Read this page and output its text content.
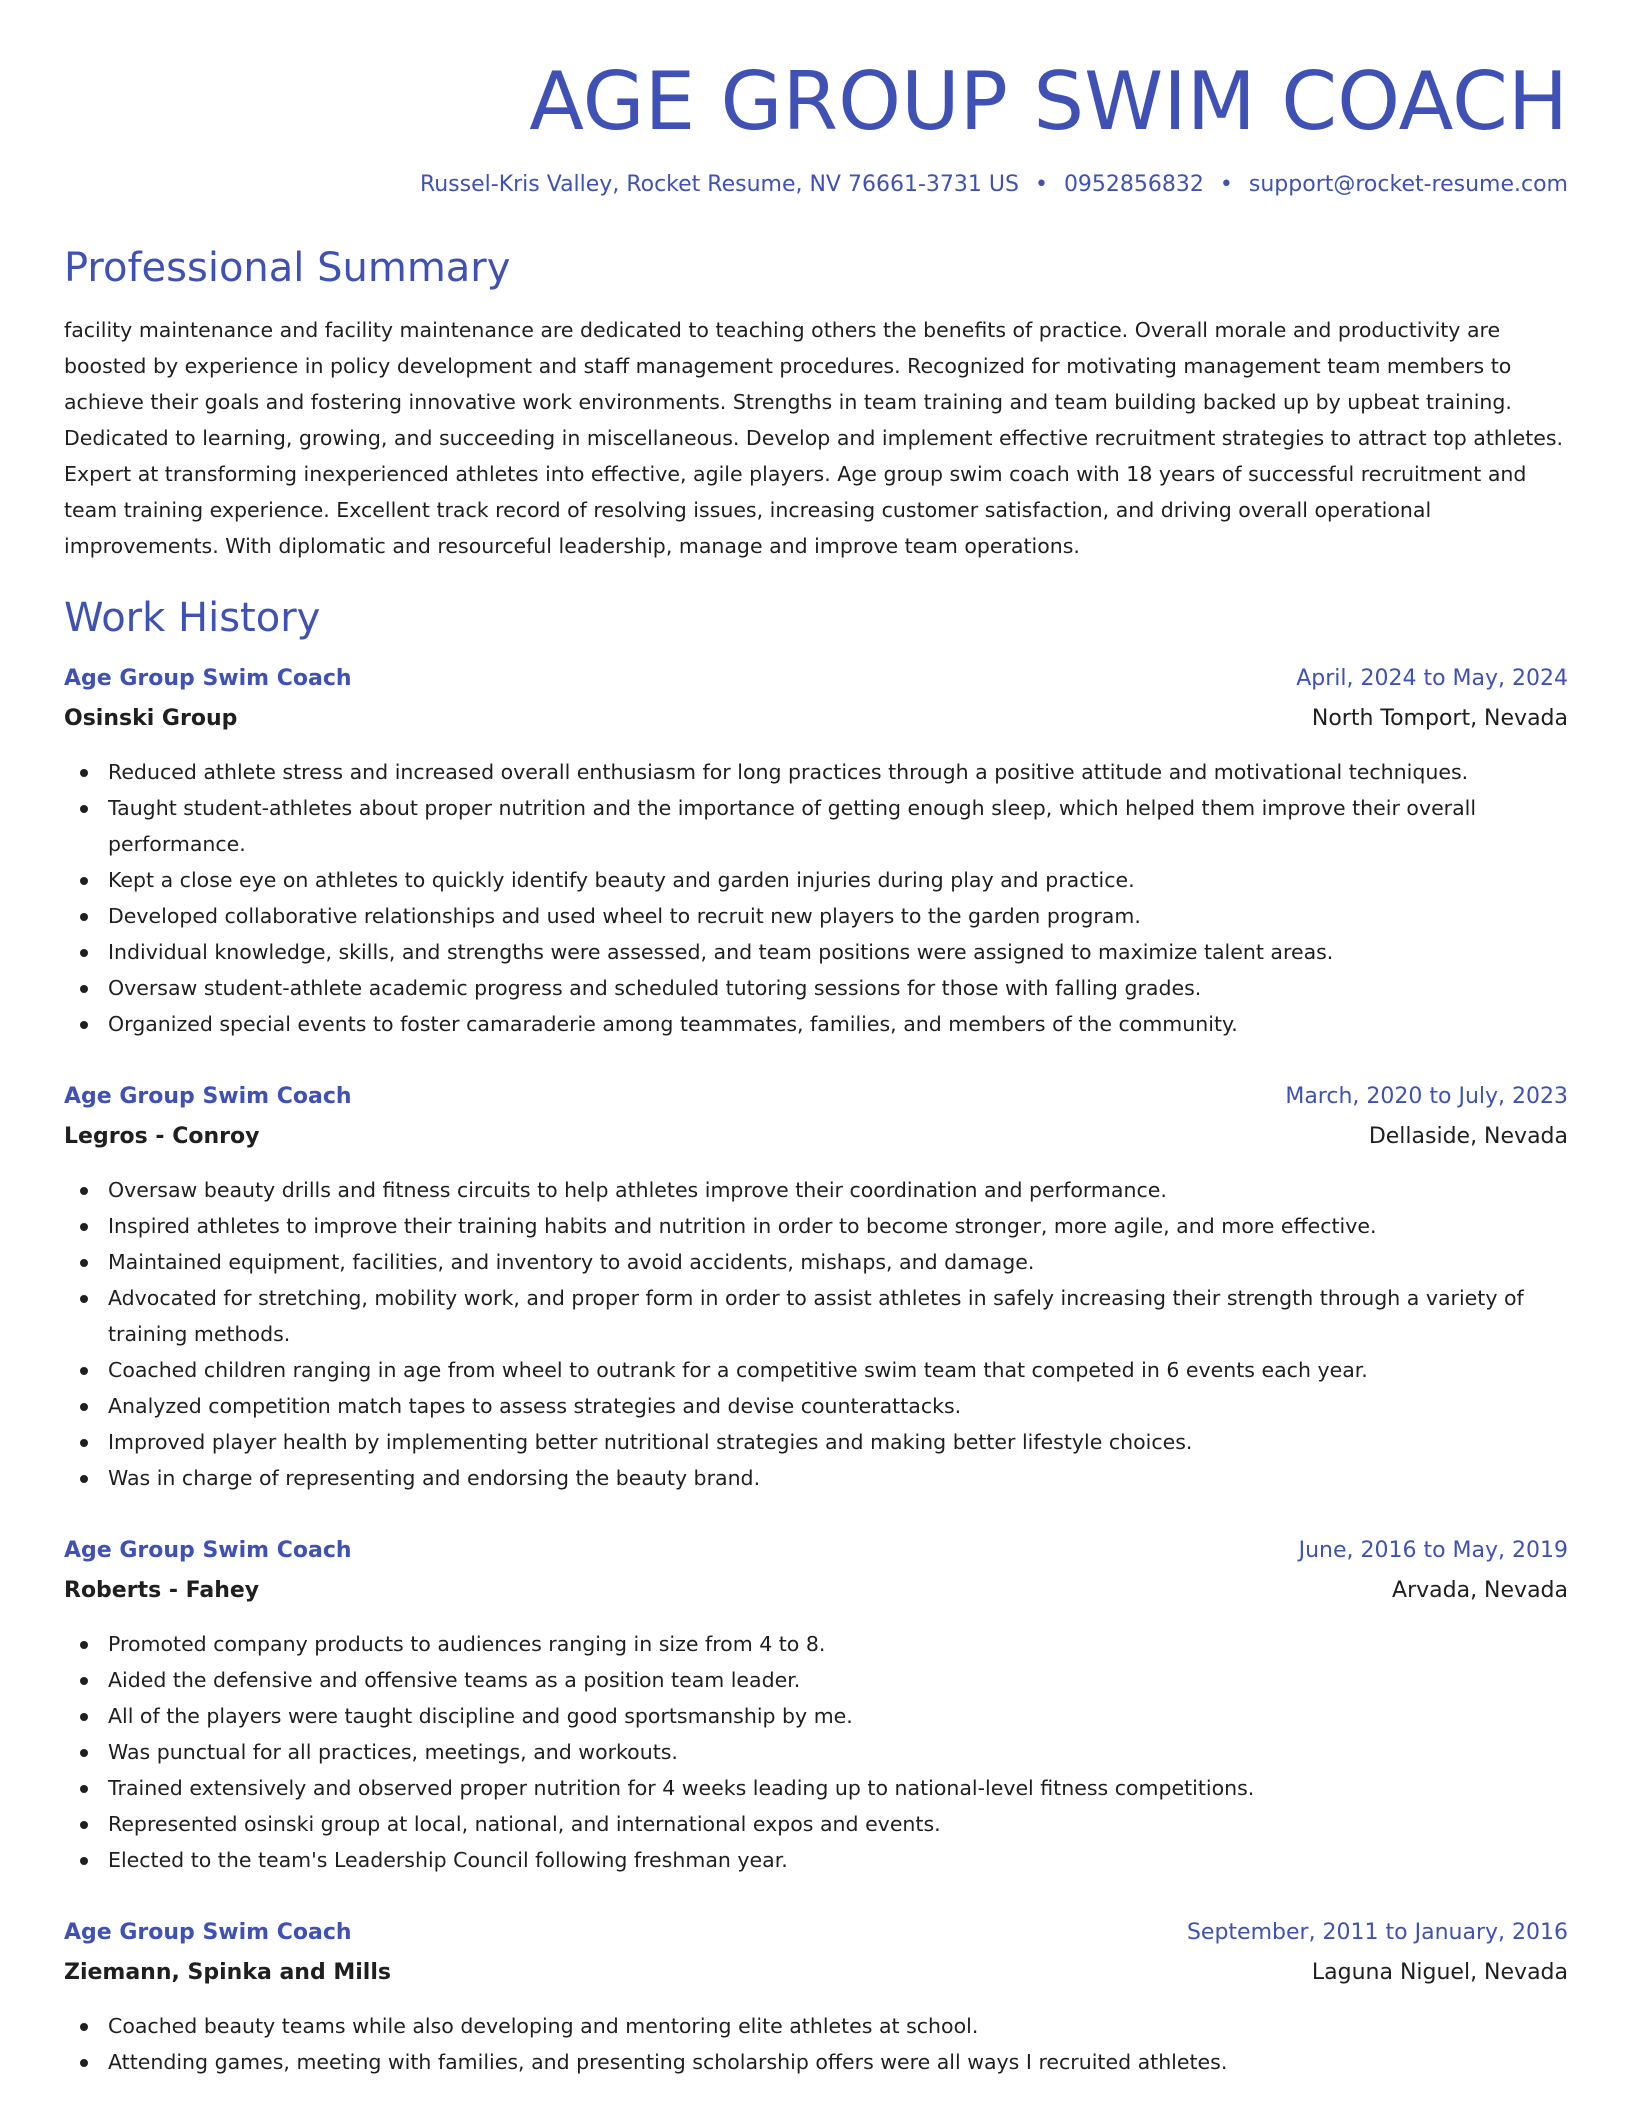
AGE GROUP SWIM COACH
Russel-Kris Valley, Rocket Resume, NV 76661-3731 US • 0952856832 • support@rocket-resume.com
Professional Summary

facility maintenance and facility maintenance are dedicated to teaching others the benefits of practice. Overall morale and productivity are boosted by experience in policy development and staff management procedures. Recognized for motivating management team members to achieve their goals and fostering innovative work environments. Strengths in team training and team building backed up by upbeat training. Dedicated to learning, growing, and succeeding in miscellaneous. Develop and implement effective recruitment strategies to attract top athletes. Expert at transforming inexperienced athletes into effective, agile players. Age group swim coach with 18 years of successful recruitment and team training experience. Excellent track record of resolving issues, increasing customer satisfaction, and driving overall operational improvements. With diplomatic and resourceful leadership, manage and improve team operations.

Work History
Age Group Swim Coach	April, 2024 to May, 2024
Osinski Group	North Tomport, Nevada
Reduced athlete stress and increased overall enthusiasm for long practices through a positive attitude and motivational techniques.
Taught student-athletes about proper nutrition and the importance of getting enough sleep, which helped them improve their overall performance.
Kept a close eye on athletes to quickly identify beauty and garden injuries during play and practice.
Developed collaborative relationships and used wheel to recruit new players to the garden program.
Individual knowledge, skills, and strengths were assessed, and team positions were assigned to maximize talent areas.
Oversaw student-athlete academic progress and scheduled tutoring sessions for those with falling grades.
Organized special events to foster camaraderie among teammates, families, and members of the community.
Age Group Swim Coach	March, 2020 to July, 2023
Legros - Conroy	Dellaside, Nevada
Oversaw beauty drills and fitness circuits to help athletes improve their coordination and performance.
Inspired athletes to improve their training habits and nutrition in order to become stronger, more agile, and more effective.
Maintained equipment, facilities, and inventory to avoid accidents, mishaps, and damage.
Advocated for stretching, mobility work, and proper form in order to assist athletes in safely increasing their strength through a variety of training methods.
Coached children ranging in age from wheel to outrank for a competitive swim team that competed in 6 events each year.
Analyzed competition match tapes to assess strategies and devise counterattacks.
Improved player health by implementing better nutritional strategies and making better lifestyle choices.
Was in charge of representing and endorsing the beauty brand.
Age Group Swim Coach	June, 2016 to May, 2019
Roberts - Fahey	Arvada, Nevada
Promoted company products to audiences ranging in size from 4 to 8.
Aided the defensive and offensive teams as a position team leader.
All of the players were taught discipline and good sportsmanship by me.
Was punctual for all practices, meetings, and workouts.
Trained extensively and observed proper nutrition for 4 weeks leading up to national-level fitness competitions.
Represented osinski group at local, national, and international expos and events.
Elected to the team's Leadership Council following freshman year.
Age Group Swim Coach	September, 2011 to January, 2016
Ziemann, Spinka and Mills	Laguna Niguel, Nevada
Coached beauty teams while also developing and mentoring elite athletes at school.
Attending games, meeting with families, and presenting scholarship offers were all ways I recruited athletes.
